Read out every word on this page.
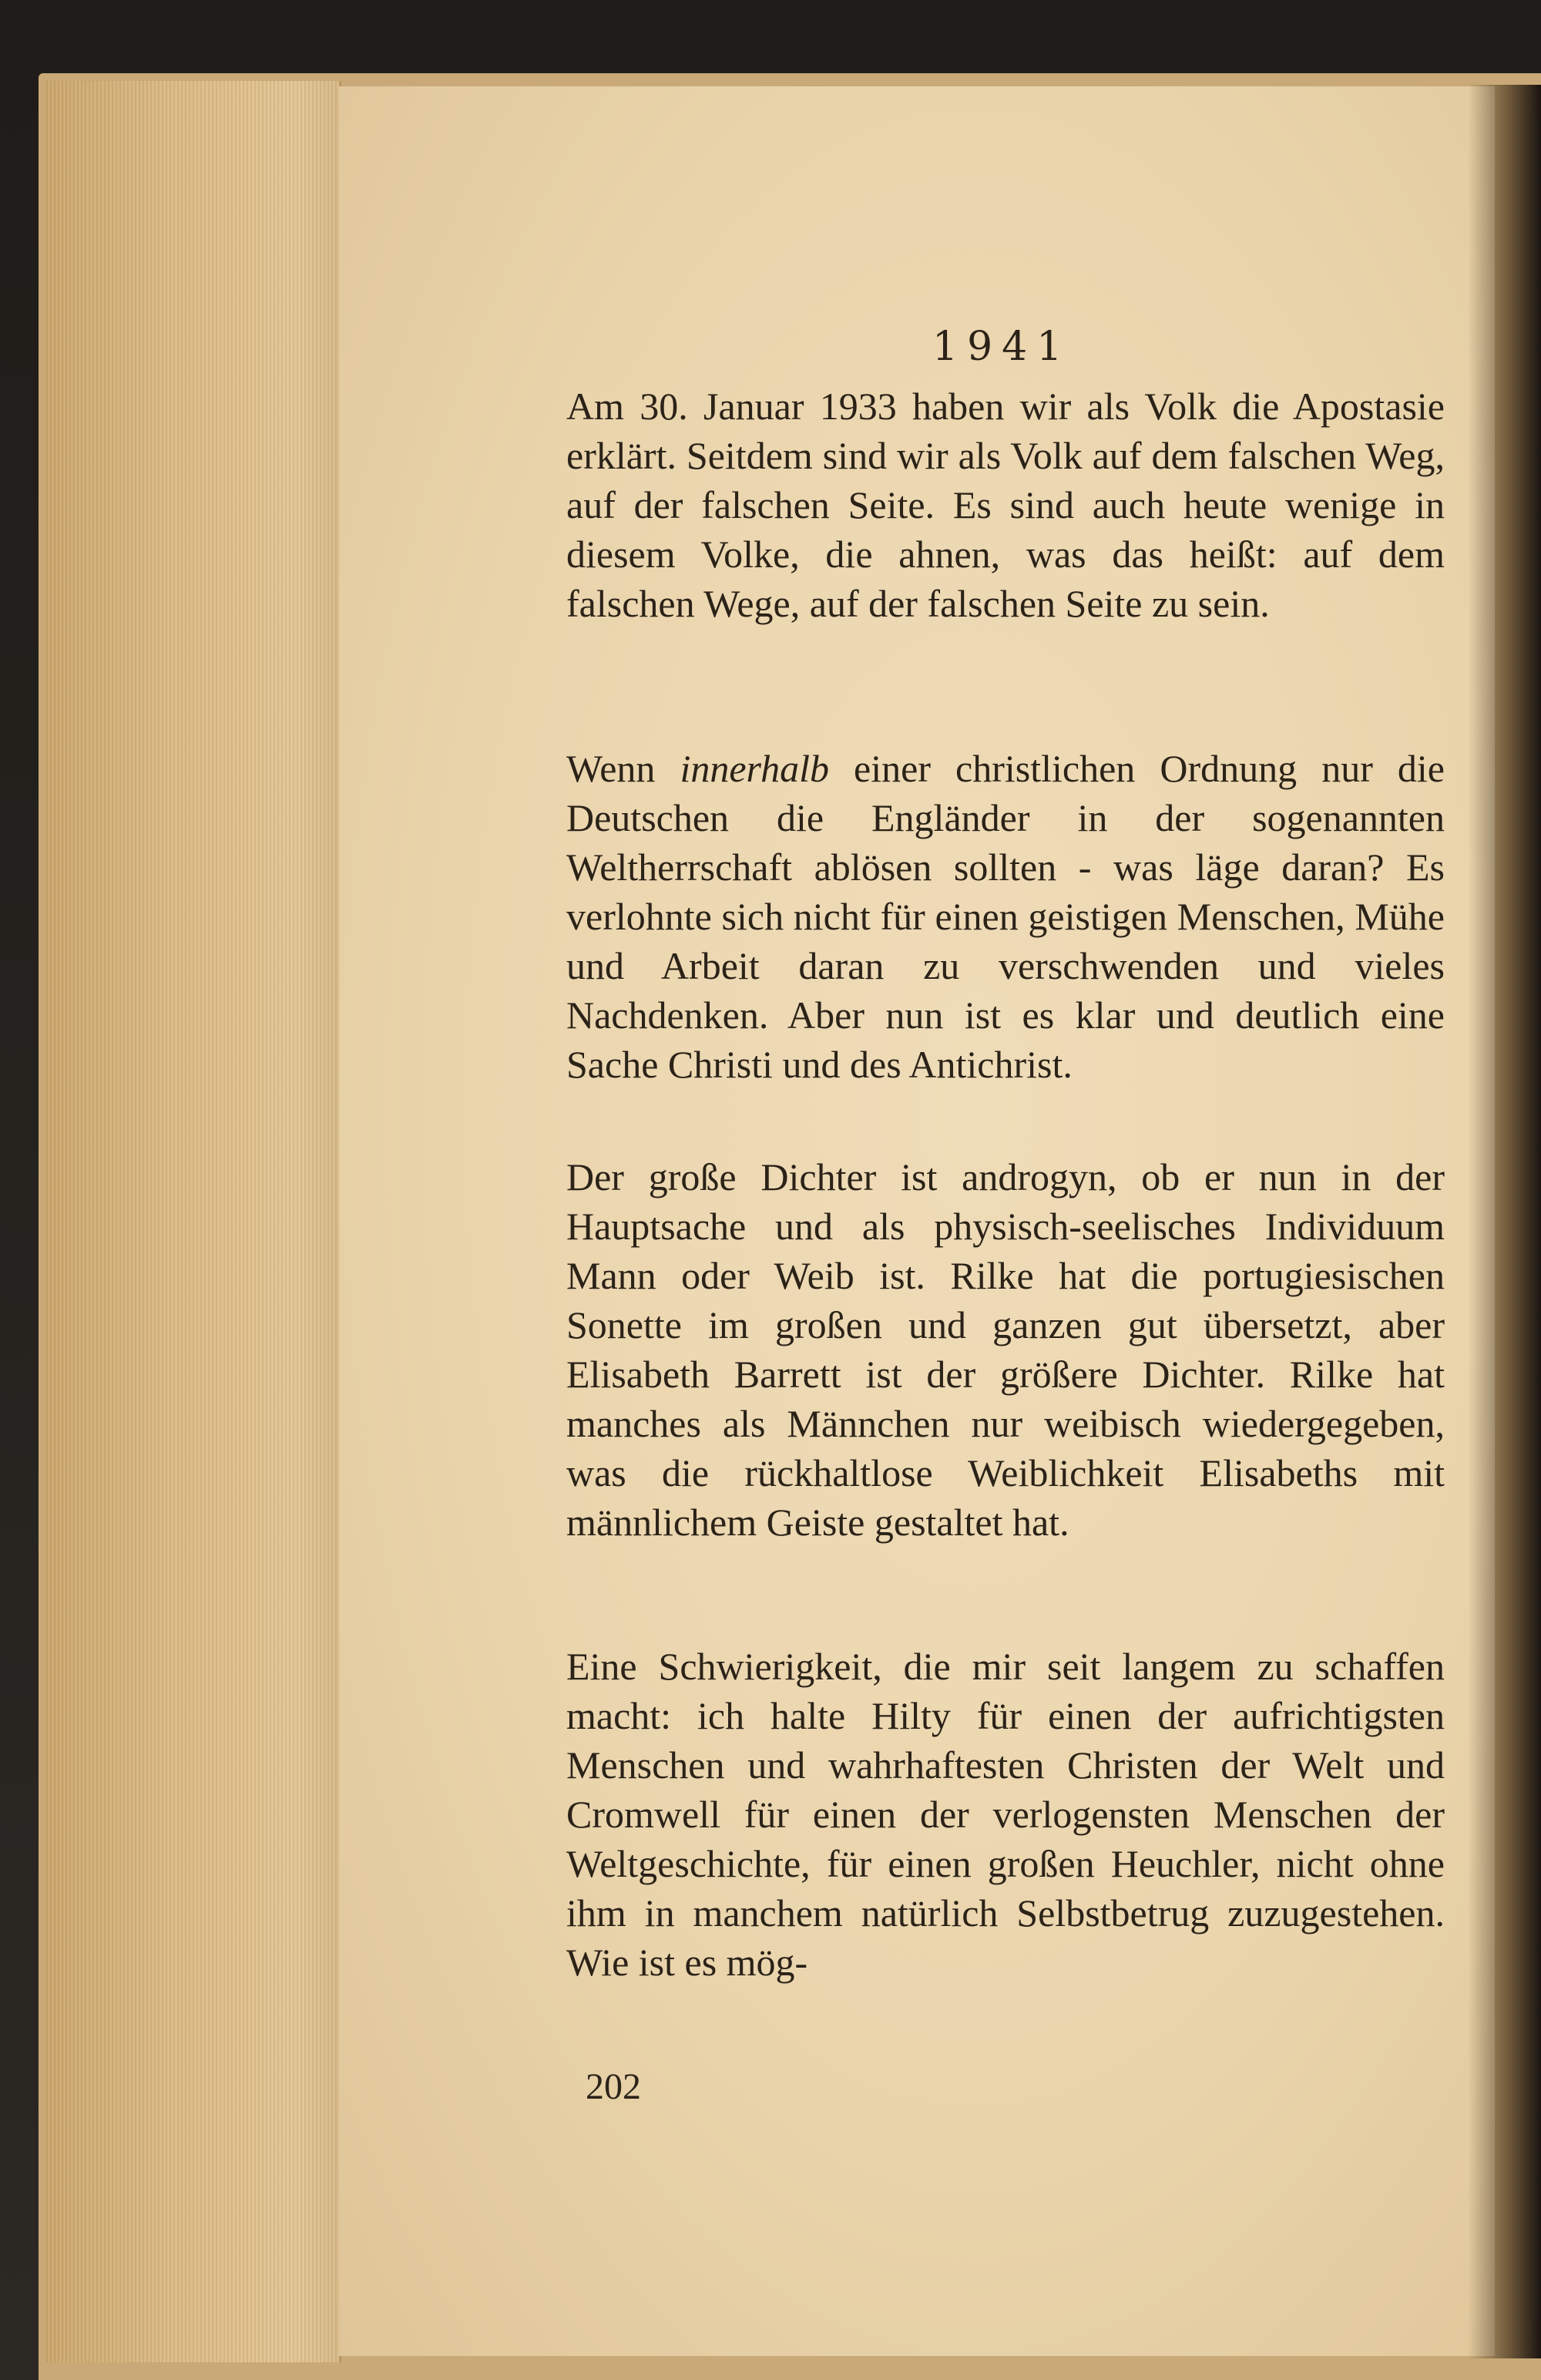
1941

Am 30. Januar 1933 haben wir als Volk die Apostasie erklärt. Seitdem sind wir als Volk auf dem falschen Weg, auf der falschen Seite. Es sind auch heute wenige in diesem Volke, die ahnen, was das heißt: auf dem falschen Wege, auf der falschen Seite zu sein.

Wenn innerhalb einer christlichen Ordnung nur die Deutschen die Engländer in der sogenannten Weltherrschaft ablösen sollten - was läge daran? Es verlohnte sich nicht für einen geistigen Menschen, Mühe und Arbeit daran zu verschwenden und vieles Nachdenken. Aber nun ist es klar und deutlich eine Sache Christi und des Antichrist.

Der große Dichter ist androgyn, ob er nun in der Hauptsache und als physisch-seelisches Individuum Mann oder Weib ist. Rilke hat die portugiesischen Sonette im großen und ganzen gut übersetzt, aber Elisabeth Barrett ist der größere Dichter. Rilke hat manches als Männchen nur weibisch wiedergegeben, was die rückhaltlose Weiblichkeit Elisabeths mit männlichem Geiste gestaltet hat.

Eine Schwierigkeit, die mir seit langem zu schaffen macht: ich halte Hilty für einen der aufrichtigsten Menschen und wahrhaftesten Christen der Welt und Cromwell für einen der verlogensten Menschen der Weltgeschichte, für einen großen Heuchler, nicht ohne ihm in manchem natürlich Selbstbetrug zuzugestehen. Wie ist es mög-

202
